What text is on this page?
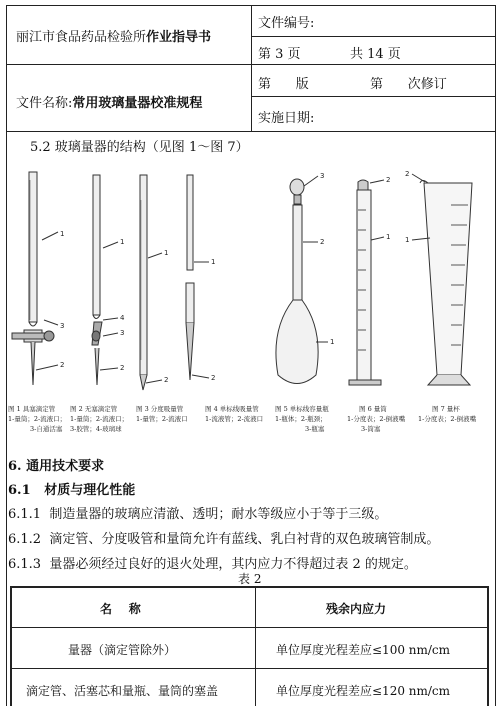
丽江市食品药品检验所作业指导书
文件编号:
第 3 页	共 14 页
第      版	第      次修订
文件名称:常用玻璃量器校准规程
实施日期:
5.2 玻璃量器的结构（见图 1～图 7）
1
3
2
1
4
3
2
1
2
1
2
3
2
1
2
1
2
1
图 1 具塞滴定管
1-量筒；2-流液口；
3-自通活塞
图 2 无塞滴定管
1-量筒；2-流液口；
3-胶管；4-玻璃球
图 3 分度吸量管
1-量管；2-流液口
图 4 单标线吸量管
1-流液管；2-流液口
图 5 单标线容量瓶
1-瓶体；2-瓶颈；
3-瓶塞
图 6 量筒
1-分度表；2-倒液嘴
3-筒塞
图 7 量杯
1-分度表；2-倒液嘴
6. 通用技术要求
6.1   材质与理化性能
6.1.1  制造量器的玻璃应清澈、透明；耐水等级应小于等于三级。
6.1.2  滴定管、分度吸管和量筒允许有蓝线、乳白衬背的双色玻璃管制成。
6.1.3  量器必须经过良好的退火处理，其内应力不得超过表 2 的规定。
表 2
名    称	残余内应力
量器（滴定管除外）	单位厚度光程差应≤100 nm/cm
滴定管、活塞芯和量瓶、量筒的塞盖	单位厚度光程差应≤120 nm/cm
